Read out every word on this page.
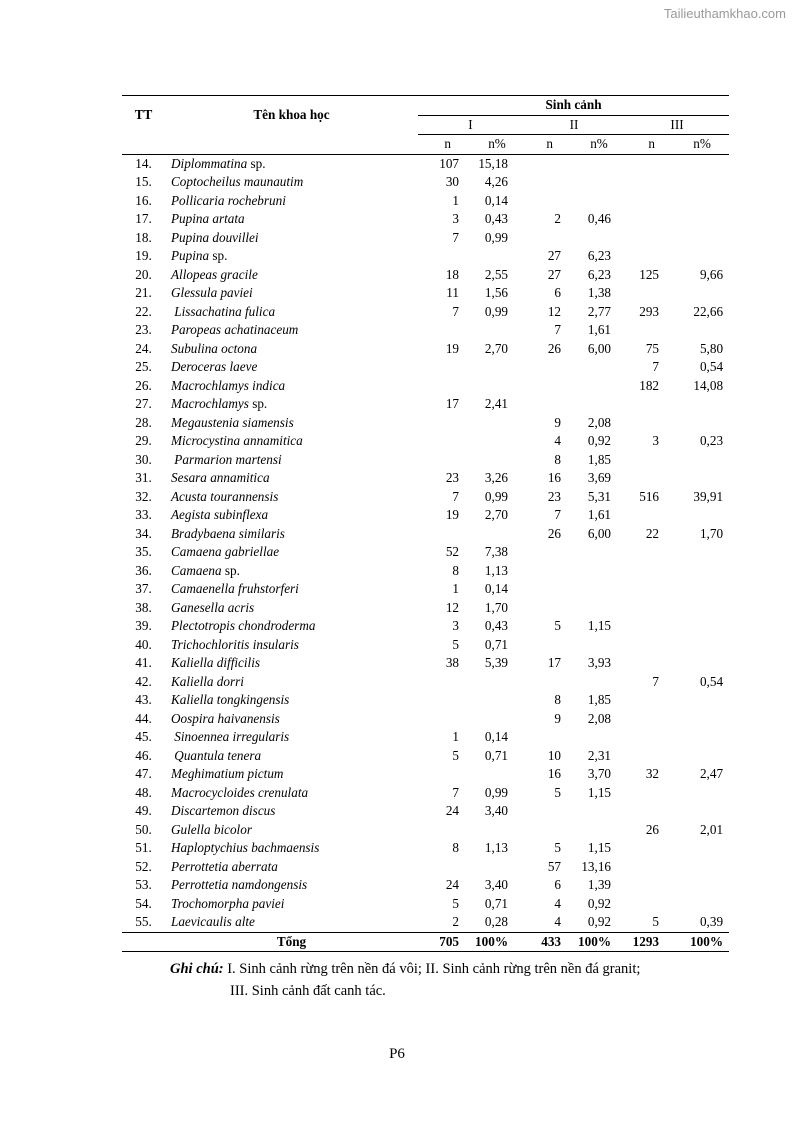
Tailieuthamkhao.com
TT	Tên khoa học	Sinh cảnh					
		I		II		III	
		n	n%	n	n%	n	n%
14.	Diplommatina sp.	107	15,18				
15.	Coptocheilus maunautim	30	4,26				
16.	Pollicaria rochebruni	1	0,14				
17.	Pupina artata	3	0,43	2	0,46		
18.	Pupina douvillei	7	0,99				
19.	Pupina sp.			27	6,23		
20.	Allopeas gracile	18	2,55	27	6,23	125	9,66
21.	Glessula paviei	11	1,56	6	1,38		
22.	Lissachatina fulica	7	0,99	12	2,77	293	22,66
23.	Paropeas achatinaceum			7	1,61		
24.	Subulina octona	19	2,70	26	6,00	75	5,80
25.	Deroceras laeve					7	0,54
26.	Macrochlamys indica					182	14,08
27.	Macrochlamys sp.	17	2,41				
28.	Megaustenia siamensis			9	2,08		
29.	Microcystina annamitica			4	0,92	3	0,23
30.	Parmarion martensi			8	1,85		
31.	Sesara annamitica	23	3,26	16	3,69		
32.	Acusta tourannensis	7	0,99	23	5,31	516	39,91
33.	Aegista subinflexa	19	2,70	7	1,61		
34.	Bradybaena similaris			26	6,00	22	1,70
35.	Camaena gabriellae	52	7,38				
36.	Camaena sp.	8	1,13				
37.	Camaenella fruhstorferi	1	0,14				
38.	Ganesella acris	12	1,70				
39.	Plectotropis chondroderma	3	0,43	5	1,15		
40.	Trichochloritis insularis	5	0,71				
41.	Kaliella difficilis	38	5,39	17	3,93		
42.	Kaliella dorri					7	0,54
43.	Kaliella tongkingensis			8	1,85		
44.	Oospira haivanensis			9	2,08		
45.	Sinoennea irregularis	1	0,14				
46.	Quantula tenera	5	0,71	10	2,31		
47.	Meghimatium pictum			16	3,70	32	2,47
48.	Macrocycloides crenulata	7	0,99	5	1,15		
49.	Discartemon discus	24	3,40				
50.	Gulella bicolor					26	2,01
51.	Haploptychius bachmaensis	8	1,13	5	1,15		
52.	Perrottetia aberrata			57	13,16		
53.	Perrottetia namdongensis	24	3,40	6	1,39		
54.	Trochomorpha paviei	5	0,71	4	0,92		
55.	Laevicaulis alte	2	0,28	4	0,92	5	0,39
	Tổng	705	100%	433	100%	1293	100%
Ghi chú: I. Sinh cảnh rừng trên nền đá vôi; II. Sinh cảnh rừng trên nền đá granit;
III. Sinh cảnh đất canh tác.
P6
